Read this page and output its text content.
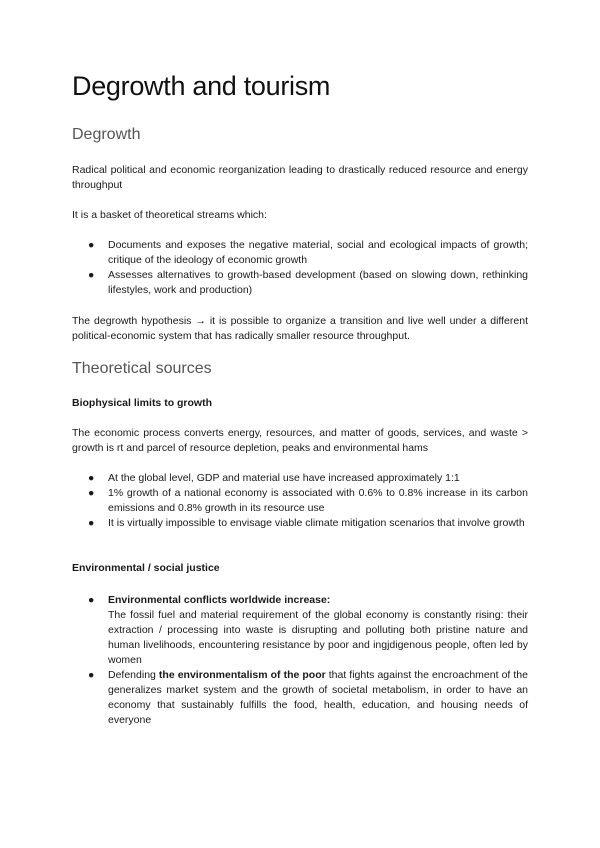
Degrowth and tourism
Degrowth

Radical political and economic reorganization leading to drastically reduced resource and energy throughput

It is a basket of theoretical streams which:

● Documents and exposes the negative material, social and ecological impacts of growth; critique of the ideology of economic growth
● Assesses alternatives to growth-based development (based on slowing down, rethinking lifestyles, work and production)

The degrowth hypothesis → it is possible to organize a transition and live well under a different political-economic system that has radically smaller resource throughput.

Theoretical sources

Biophysical limits to growth

The economic process converts energy, resources, and matter of goods, services, and waste > growth is rt and parcel of resource depletion, peaks and environmental hams

● At the global level, GDP and material use have increased approximately 1:1
● 1% growth of a national economy is associated with 0.6% to 0.8% increase in its carbon emissions and 0.8% growth in its resource use
● It is virtually impossible to envisage viable climate mitigation scenarios that involve growth

Environmental / social justice

● Environmental conflicts worldwide increase:
The fossil fuel and material requirement of the global economy is constantly rising: their extraction / processing into waste is disrupting and polluting both pristine nature and human livelihoods, encountering resistance by poor and ingjdigenous people, often led by women
● Defending the environmentalism of the poor that fights against the encroachment of the generalizes market system and the growth of societal metabolism, in order to have an economy that sustainably fulfills the food, health, education, and housing needs of everyone
